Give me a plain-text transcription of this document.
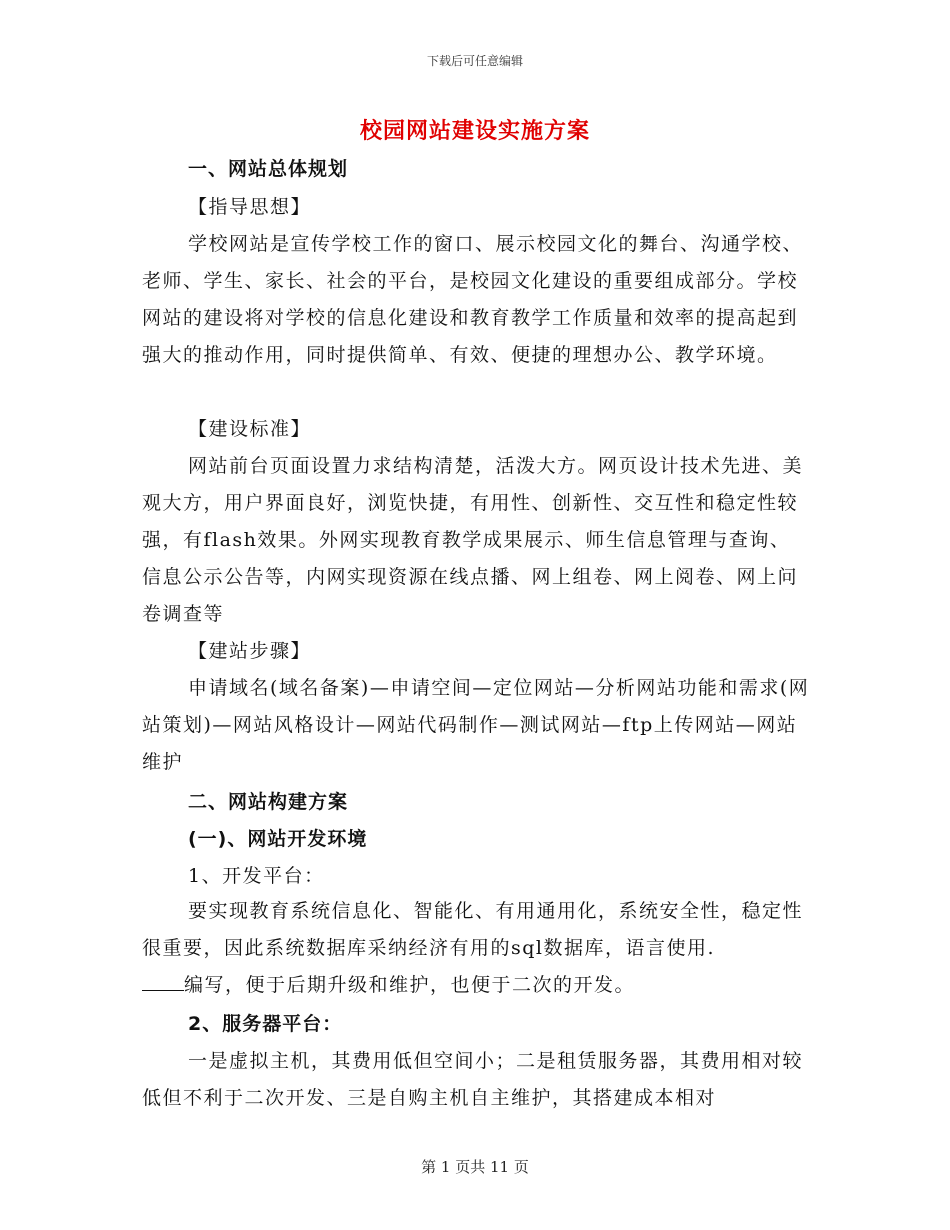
下载后可任意编辑
校园网站建设实施方案
一、网站总体规划
【指导思想】

学校网站是宣传学校工作的窗口、展示校园文化的舞台、沟通学校、老师、学生、家长、社会的平台，是校园文化建设的重要组成部分。学校网站的建设将对学校的信息化建设和教育教学工作质量和效率的提高起到强大的推动作用，同时提供简单、有效、便捷的理想办公、教学环境。

【建设标准】

网站前台页面设置力求结构清楚，活泼大方。网页设计技术先进、美观大方，用户界面良好，浏览快捷，有用性、创新性、交互性和稳定性较强，有flash效果。外网实现教育教学成果展示、师生信息管理与查询、信息公示公告等，内网实现资源在线点播、网上组卷、网上阅卷、网上问卷调查等

【建站步骤】

申请域名(域名备案)—申请空间—定位网站—分析网站功能和需求(网站策划)—网站风格设计—网站代码制作—测试网站—ftp上传网站—网站维护

二、网站构建方案
(一)、网站开发环境
1、开发平台：

要实现教育系统信息化、智能化、有用通用化，系统安全性，稳定性很重要，因此系统数据库采纳经济有用的sql数据库，语言使用.
编写，便于后期升级和维护，也便于二次的开发。

2、服务器平台：

一是虚拟主机，其费用低但空间小；二是租赁服务器，其费用相对较低但不利于二次开发、三是自购主机自主维护，其搭建成本相对

第 1 页共 11 页
